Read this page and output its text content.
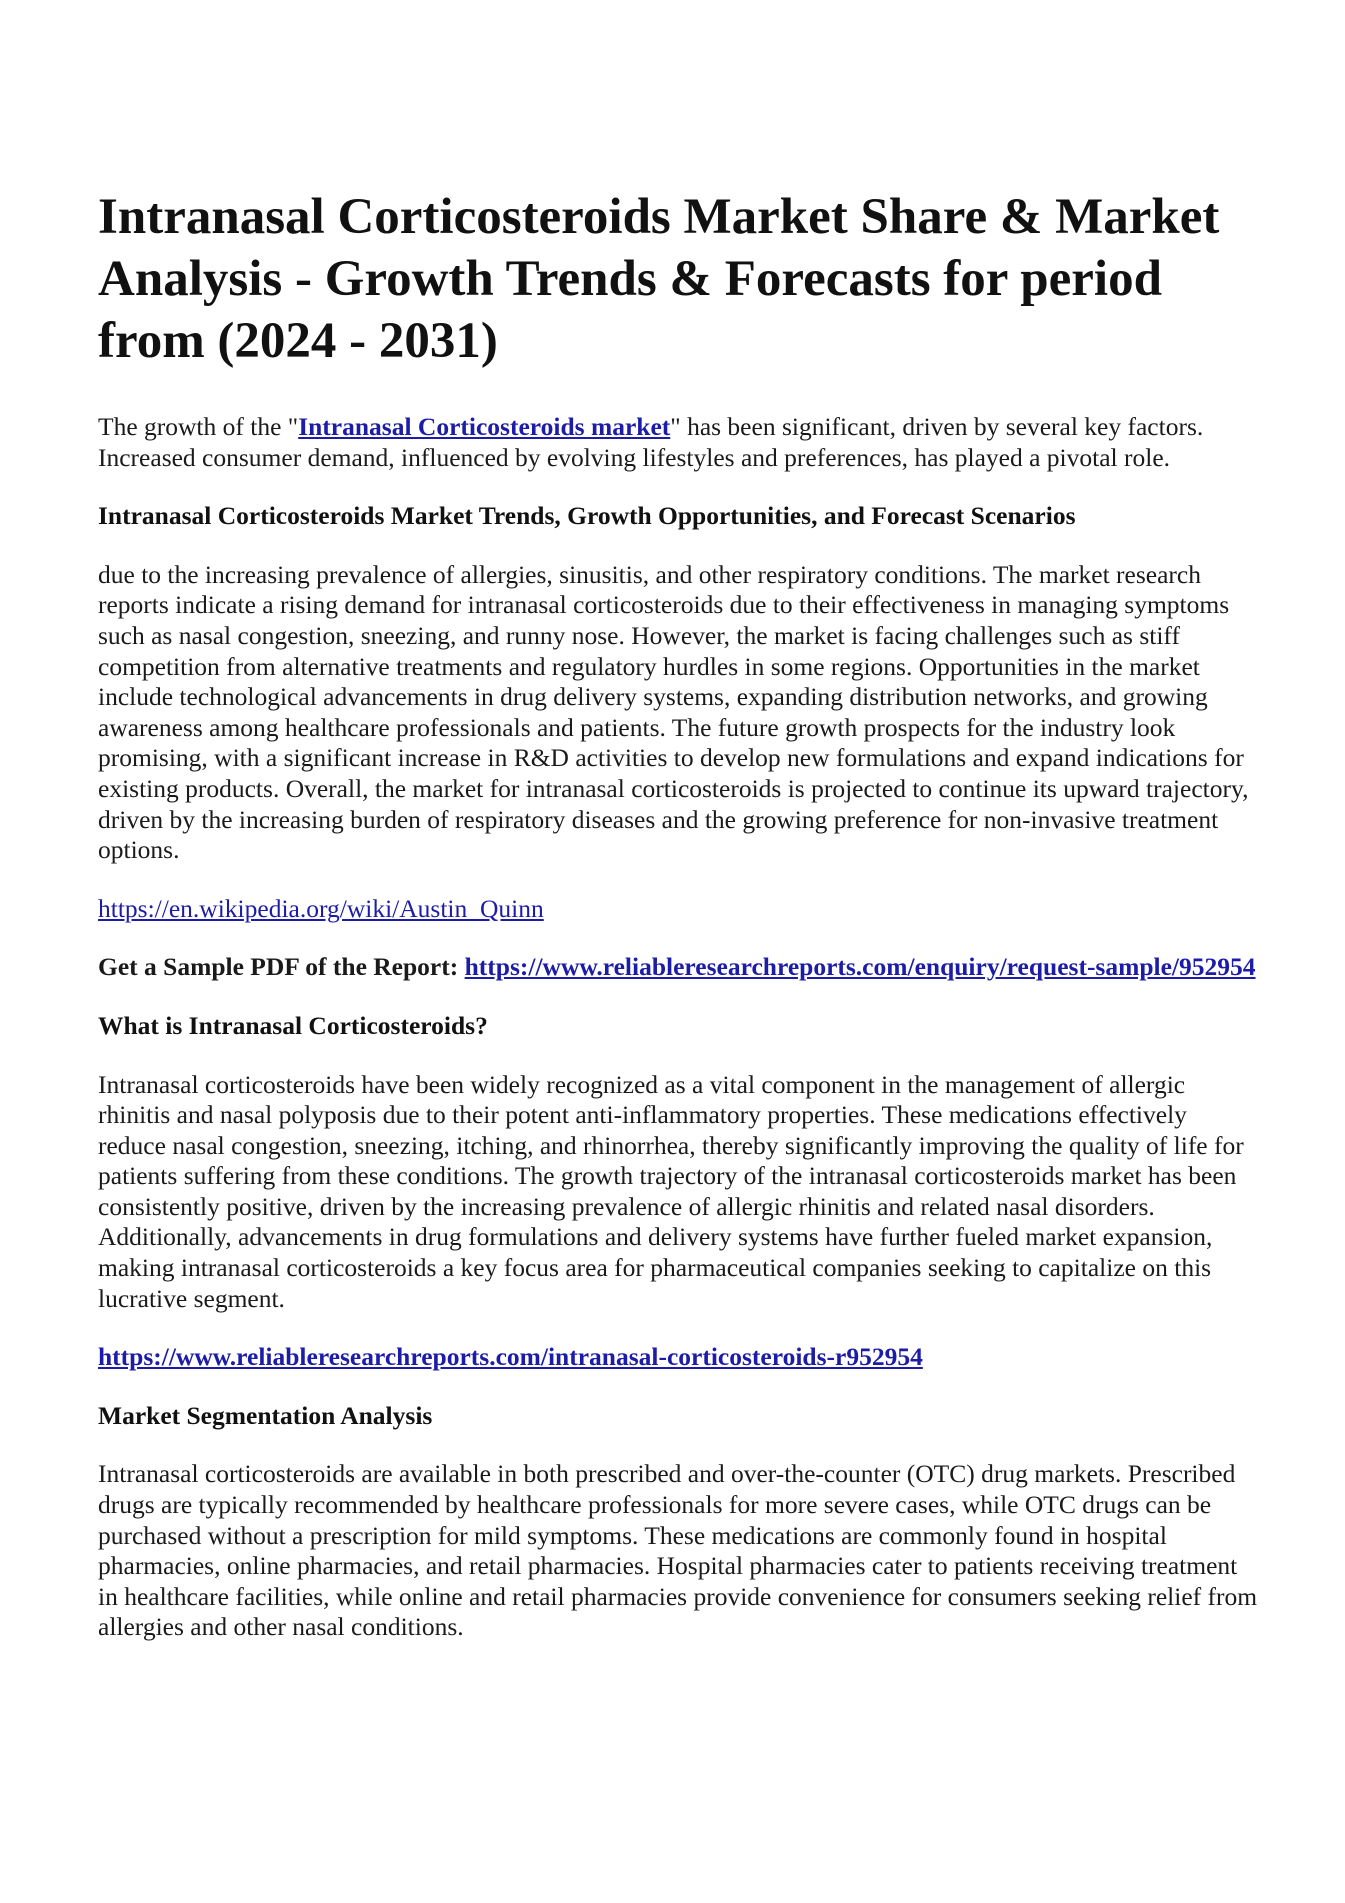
Intranasal Corticosteroids Market Share & Market Analysis - Growth Trends & Forecasts for period from (2024 - 2031)

The growth of the "Intranasal Corticosteroids market" has been significant, driven by several key factors. Increased consumer demand, influenced by evolving lifestyles and preferences, has played a pivotal role.

Intranasal Corticosteroids Market Trends, Growth Opportunities, and Forecast Scenarios

due to the increasing prevalence of allergies, sinusitis, and other respiratory conditions. The market research reports indicate a rising demand for intranasal corticosteroids due to their effectiveness in managing symptoms such as nasal congestion, sneezing, and runny nose. However, the market is facing challenges such as stiff competition from alternative treatments and regulatory hurdles in some regions. Opportunities in the market include technological advancements in drug delivery systems, expanding distribution networks, and growing awareness among healthcare professionals and patients. The future growth prospects for the industry look promising, with a significant increase in R&D activities to develop new formulations and expand indications for existing products. Overall, the market for intranasal corticosteroids is projected to continue its upward trajectory, driven by the increasing burden of respiratory diseases and the growing preference for non-invasive treatment options.

https://en.wikipedia.org/wiki/Austin_Quinn

Get a Sample PDF of the Report: https://www.reliableresearchreports.com/enquiry/request-sample/952954

What is Intranasal Corticosteroids?

Intranasal corticosteroids have been widely recognized as a vital component in the management of allergic rhinitis and nasal polyposis due to their potent anti-inflammatory properties. These medications effectively reduce nasal congestion, sneezing, itching, and rhinorrhea, thereby significantly improving the quality of life for patients suffering from these conditions. The growth trajectory of the intranasal corticosteroids market has been consistently positive, driven by the increasing prevalence of allergic rhinitis and related nasal disorders. Additionally, advancements in drug formulations and delivery systems have further fueled market expansion, making intranasal corticosteroids a key focus area for pharmaceutical companies seeking to capitalize on this lucrative segment.

https://www.reliableresearchreports.com/intranasal-corticosteroids-r952954

Market Segmentation Analysis

Intranasal corticosteroids are available in both prescribed and over-the-counter (OTC) drug markets. Prescribed drugs are typically recommended by healthcare professionals for more severe cases, while OTC drugs can be purchased without a prescription for mild symptoms. These medications are commonly found in hospital pharmacies, online pharmacies, and retail pharmacies. Hospital pharmacies cater to patients receiving treatment in healthcare facilities, while online and retail pharmacies provide convenience for consumers seeking relief from allergies and other nasal conditions.
